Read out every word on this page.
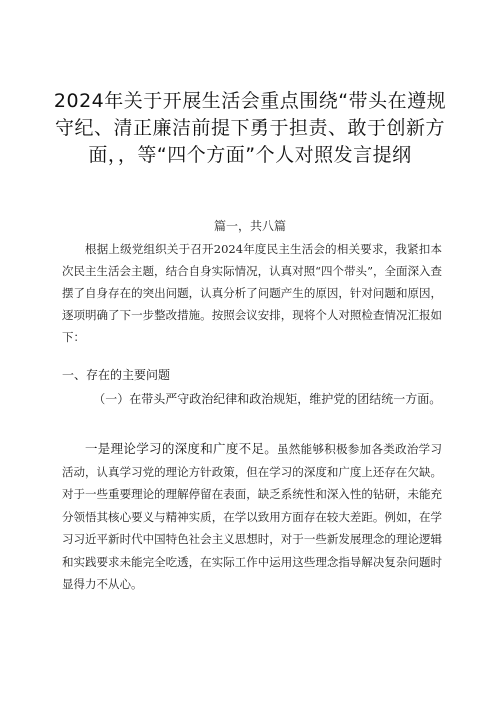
2024年关于开展生活会重点围绕“带头在遵规守纪、清正廉洁前提下勇于担责、敢于创新方面，，等“四个方面”个人对照发言提纲
篇一，共八篇
根据上级党组织关于召开2024年度民主生活会的相关要求，我紧扣本次民主生活会主题，结合自身实际情况，认真对照“四个带头”，全面深入查摆了自身存在的突出问题，认真分析了问题产生的原因，针对问题和原因，逐项明确了下一步整改措施。按照会议安排，现将个人对照检查情况汇报如下：
一、存在的主要问题
（一）在带头严守政治纪律和政治规矩，维护党的团结统一方面。
一是理论学习的深度和广度不足。虽然能够积极参加各类政治学习活动，认真学习党的理论方针政策，但在学习的深度和广度上还存在欠缺。对于一些重要理论的理解停留在表面，缺乏系统性和深入性的钻研，未能充分领悟其核心要义与精神实质，在学以致用方面存在较大差距。例如，在学习习近平新时代中国特色社会主义思想时，对于一些新发展理念的理论逻辑和实践要求未能完全吃透，在实际工作中运用这些理念指导解决复杂问题时显得力不从心。
